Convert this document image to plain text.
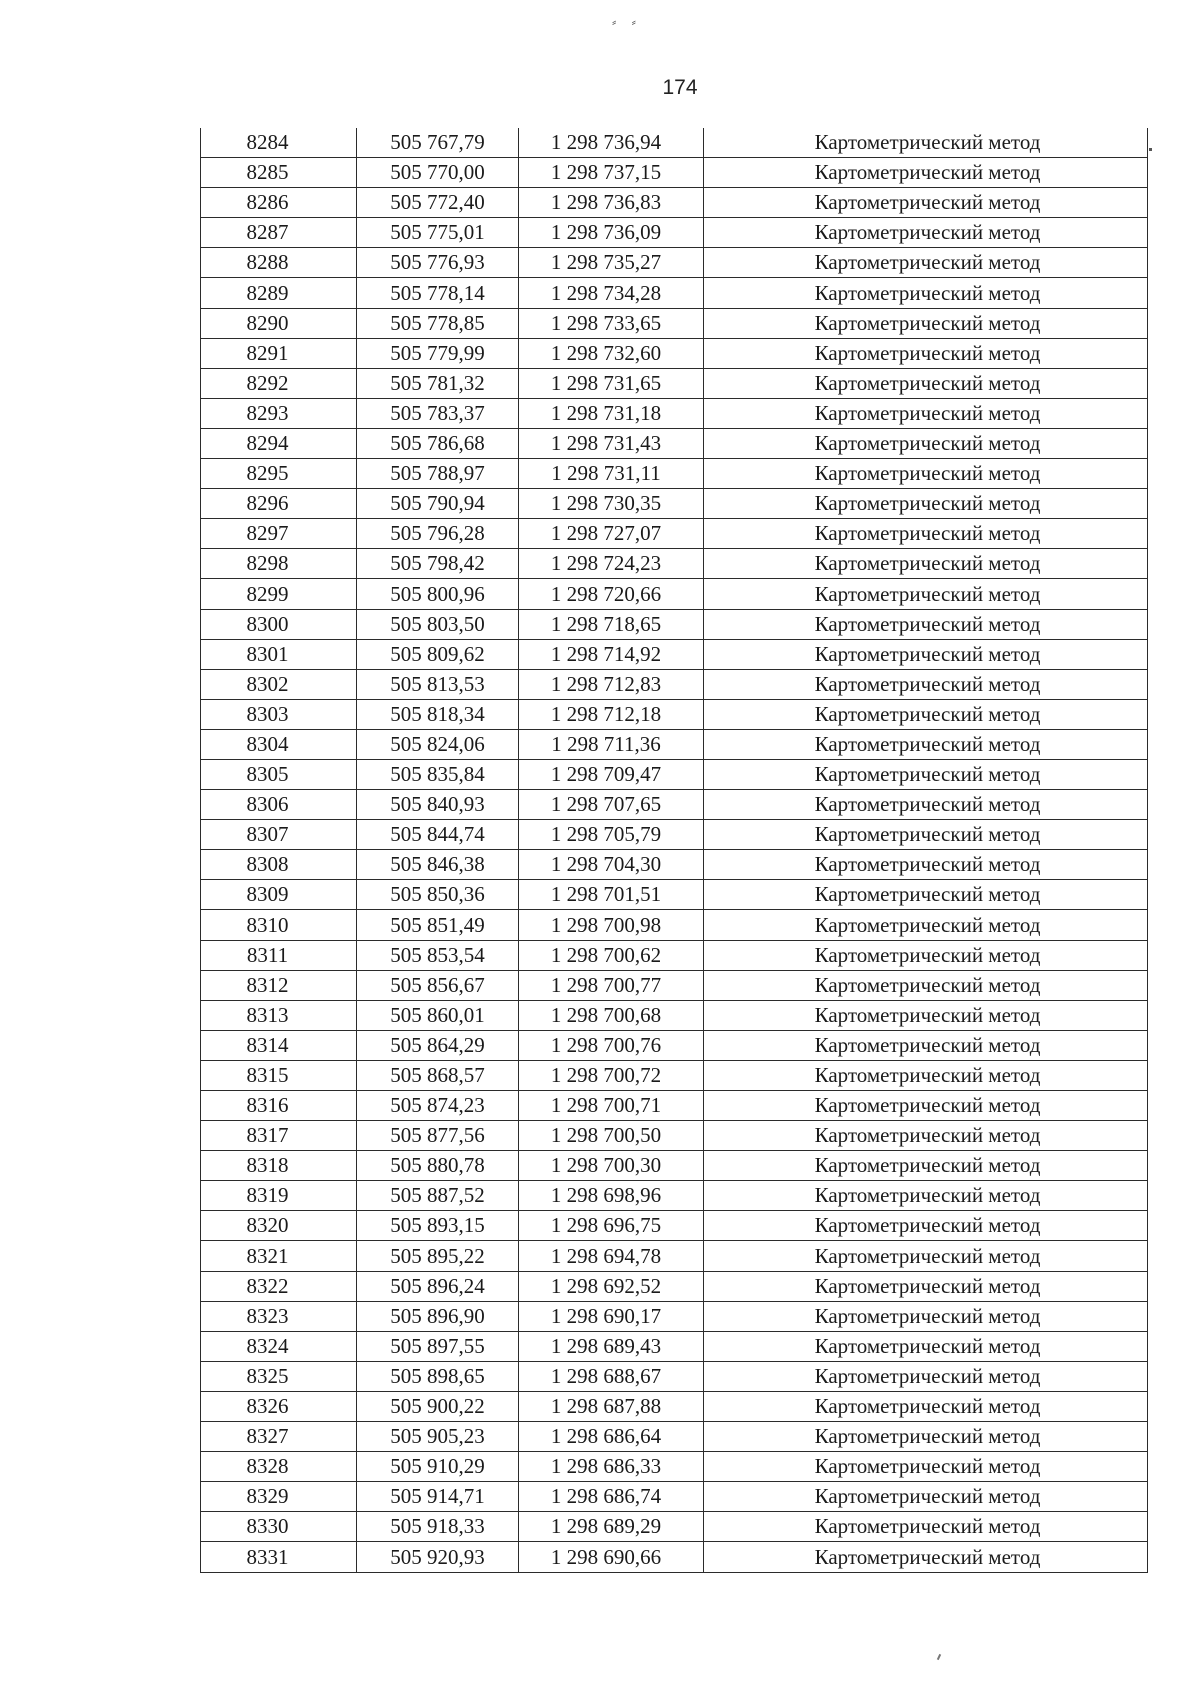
⸗ ⸗
174
8284	505 767,79	1 298 736,94	Картометрический метод
8285	505 770,00	1 298 737,15	Картометрический метод
8286	505 772,40	1 298 736,83	Картометрический метод
8287	505 775,01	1 298 736,09	Картометрический метод
8288	505 776,93	1 298 735,27	Картометрический метод
8289	505 778,14	1 298 734,28	Картометрический метод
8290	505 778,85	1 298 733,65	Картометрический метод
8291	505 779,99	1 298 732,60	Картометрический метод
8292	505 781,32	1 298 731,65	Картометрический метод
8293	505 783,37	1 298 731,18	Картометрический метод
8294	505 786,68	1 298 731,43	Картометрический метод
8295	505 788,97	1 298 731,11	Картометрический метод
8296	505 790,94	1 298 730,35	Картометрический метод
8297	505 796,28	1 298 727,07	Картометрический метод
8298	505 798,42	1 298 724,23	Картометрический метод
8299	505 800,96	1 298 720,66	Картометрический метод
8300	505 803,50	1 298 718,65	Картометрический метод
8301	505 809,62	1 298 714,92	Картометрический метод
8302	505 813,53	1 298 712,83	Картометрический метод
8303	505 818,34	1 298 712,18	Картометрический метод
8304	505 824,06	1 298 711,36	Картометрический метод
8305	505 835,84	1 298 709,47	Картометрический метод
8306	505 840,93	1 298 707,65	Картометрический метод
8307	505 844,74	1 298 705,79	Картометрический метод
8308	505 846,38	1 298 704,30	Картометрический метод
8309	505 850,36	1 298 701,51	Картометрический метод
8310	505 851,49	1 298 700,98	Картометрический метод
8311	505 853,54	1 298 700,62	Картометрический метод
8312	505 856,67	1 298 700,77	Картометрический метод
8313	505 860,01	1 298 700,68	Картометрический метод
8314	505 864,29	1 298 700,76	Картометрический метод
8315	505 868,57	1 298 700,72	Картометрический метод
8316	505 874,23	1 298 700,71	Картометрический метод
8317	505 877,56	1 298 700,50	Картометрический метод
8318	505 880,78	1 298 700,30	Картометрический метод
8319	505 887,52	1 298 698,96	Картометрический метод
8320	505 893,15	1 298 696,75	Картометрический метод
8321	505 895,22	1 298 694,78	Картометрический метод
8322	505 896,24	1 298 692,52	Картометрический метод
8323	505 896,90	1 298 690,17	Картометрический метод
8324	505 897,55	1 298 689,43	Картометрический метод
8325	505 898,65	1 298 688,67	Картометрический метод
8326	505 900,22	1 298 687,88	Картометрический метод
8327	505 905,23	1 298 686,64	Картометрический метод
8328	505 910,29	1 298 686,33	Картометрический метод
8329	505 914,71	1 298 686,74	Картометрический метод
8330	505 918,33	1 298 689,29	Картометрический метод
8331	505 920,93	1 298 690,66	Картометрический метод
